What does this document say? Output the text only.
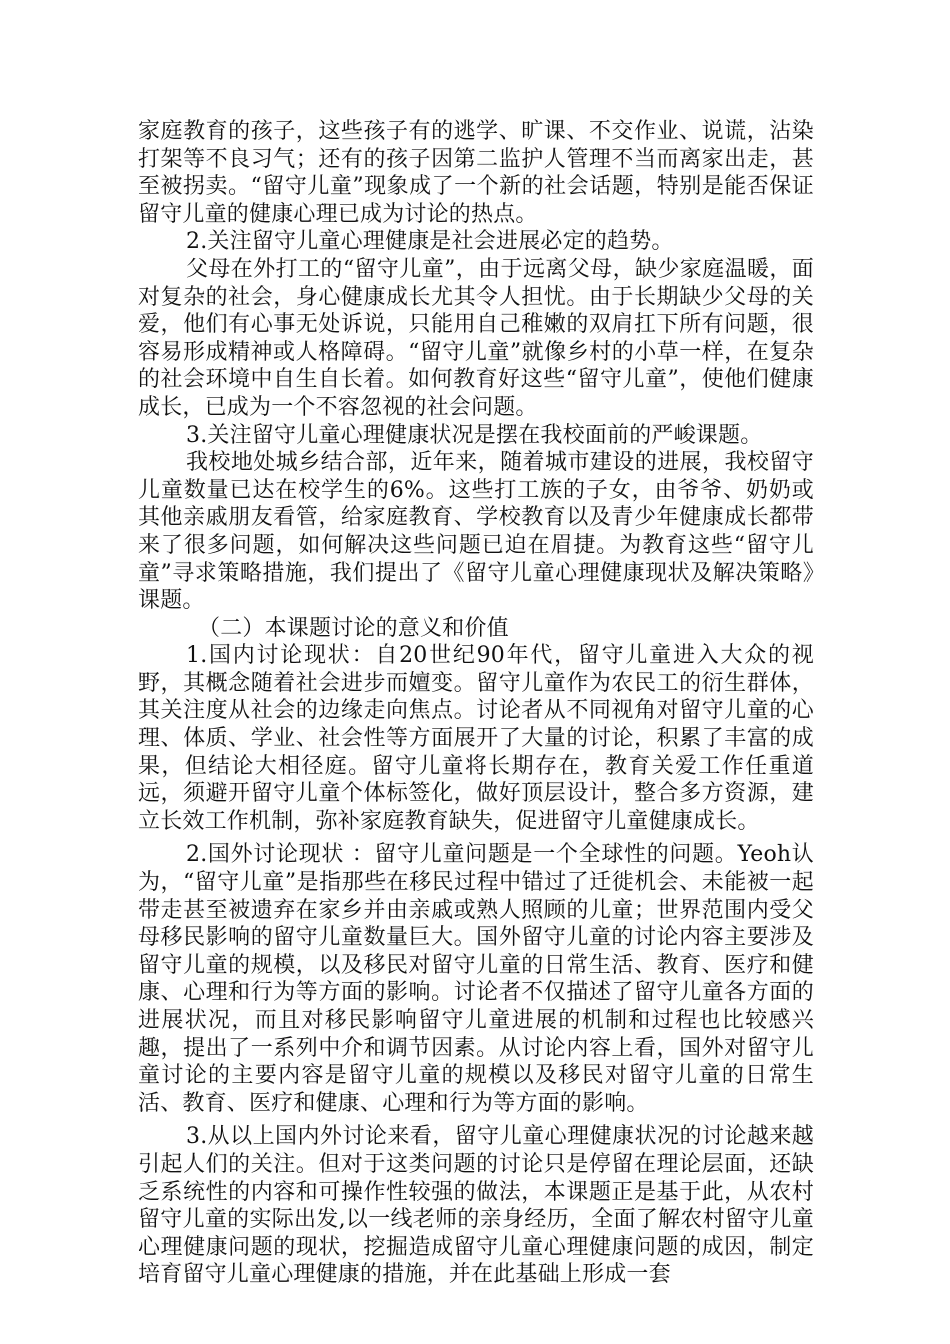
家庭教育的孩子，这些孩子有的逃学、旷课、不交作业、说谎，沾染打架等不良习气；还有的孩子因第二监护人管理不当而离家出走，甚至被拐卖。“留守儿童”现象成了一个新的社会话题，特别是能否保证留守儿童的健康心理已成为讨论的热点。

2.关注留守儿童心理健康是社会进展必定的趋势。

父母在外打工的“留守儿童”，由于远离父母，缺少家庭温暖，面对复杂的社会，身心健康成长尤其令人担忧。由于长期缺少父母的关爱，他们有心事无处诉说，只能用自己稚嫩的双肩扛下所有问题，很容易形成精神或人格障碍。“留守儿童”就像乡村的小草一样，在复杂的社会环境中自生自长着。如何教育好这些“留守儿童”，使他们健康成长，已成为一个不容忽视的社会问题。

3.关注留守儿童心理健康状况是摆在我校面前的严峻课题。

我校地处城乡结合部，近年来，随着城市建设的进展，我校留守儿童数量已达在校学生的6%。这些打工族的子女，由爷爷、奶奶或其他亲戚朋友看管，给家庭教育、学校教育以及青少年健康成长都带来了很多问题，如何解决这些问题已迫在眉捷。为教育这些“留守儿童”寻求策略措施，我们提出了《留守儿童心理健康现状及解决策略》课题。

（二）本课题讨论的意义和价值

1.国内讨论现状：自20世纪90年代，留守儿童进入大众的视野，其概念随着社会进步而嬗变。留守儿童作为农民工的衍生群体，其关注度从社会的边缘走向焦点。讨论者从不同视角对留守儿童的心理、体质、学业、社会性等方面展开了大量的讨论，积累了丰富的成果，但结论大相径庭。留守儿童将长期存在，教育关爱工作任重道远，须避开留守儿童个体标签化，做好顶层设计，整合多方资源，建立长效工作机制，弥补家庭教育缺失，促进留守儿童健康成长。

2.国外讨论现状 ：留守儿童问题是一个全球性的问题。Yeoh认为，“留守儿童”是指那些在移民过程中错过了迁徙机会、未能被一起带走甚至被遗弃在家乡并由亲戚或熟人照顾的儿童；世界范围内受父母移民影响的留守儿童数量巨大。国外留守儿童的讨论内容主要涉及留守儿童的规模，以及移民对留守儿童的日常生活、教育、医疗和健康、心理和行为等方面的影响。讨论者不仅描述了留守儿童各方面的进展状况，而且对移民影响留守儿童进展的机制和过程也比较感兴趣，提出了一系列中介和调节因素。从讨论内容上看，国外对留守儿童讨论的主要内容是留守儿童的规模以及移民对留守儿童的日常生活、教育、医疗和健康、心理和行为等方面的影响。

3.从以上国内外讨论来看，留守儿童心理健康状况的讨论越来越引起人们的关注。但对于这类问题的讨论只是停留在理论层面，还缺乏系统性的内容和可操作性较强的做法，本课题正是基于此，从农村留守儿童的实际出发,以一线老师的亲身经历，全面了解农村留守儿童心理健康问题的现状，挖掘造成留守儿童心理健康问题的成因，制定培育留守儿童心理健康的措施，并在此基础上形成一套
